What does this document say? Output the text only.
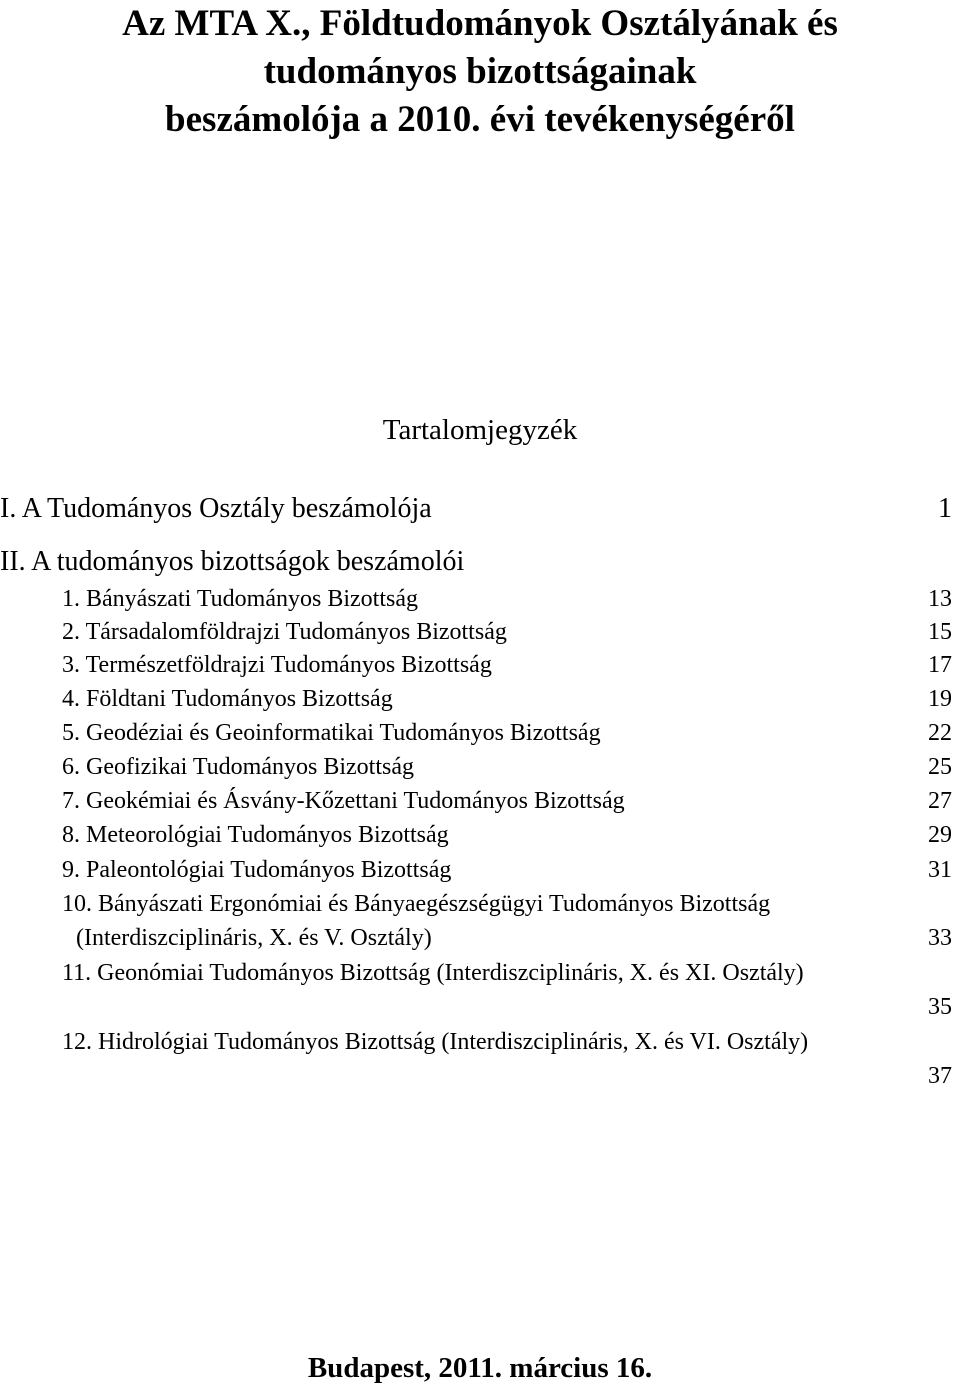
Az MTA X., Földtudományok Osztályának és
tudományos bizottságainak
beszámolója a 2010. évi tevékenységéről
Tartalomjegyzék
I. A Tudományos Osztály beszámolója	1
II. A tudományos bizottságok beszámolói
1. Bányászati Tudományos Bizottság	13
2. Társadalomföldrajzi Tudományos Bizottság	15
3. Természetföldrajzi Tudományos Bizottság	17
4. Földtani Tudományos Bizottság	19
5. Geodéziai és Geoinformatikai Tudományos Bizottság	22
6. Geofizikai Tudományos Bizottság	25
7. Geokémiai és Ásvány-Kőzettani Tudományos Bizottság	27
8. Meteorológiai Tudományos Bizottság	29
9. Paleontológiai Tudományos Bizottság	31
10. Bányászati Ergonómiai és Bányaegészségügyi Tudományos Bizottság
(Interdiszciplináris, X. és V. Osztály)	33
11. Geonómiai Tudományos Bizottság (Interdiszciplináris, X. és XI. Osztály)
35
12. Hidrológiai Tudományos Bizottság (Interdiszciplináris, X. és VI. Osztály)
37
Budapest, 2011. március 16.
